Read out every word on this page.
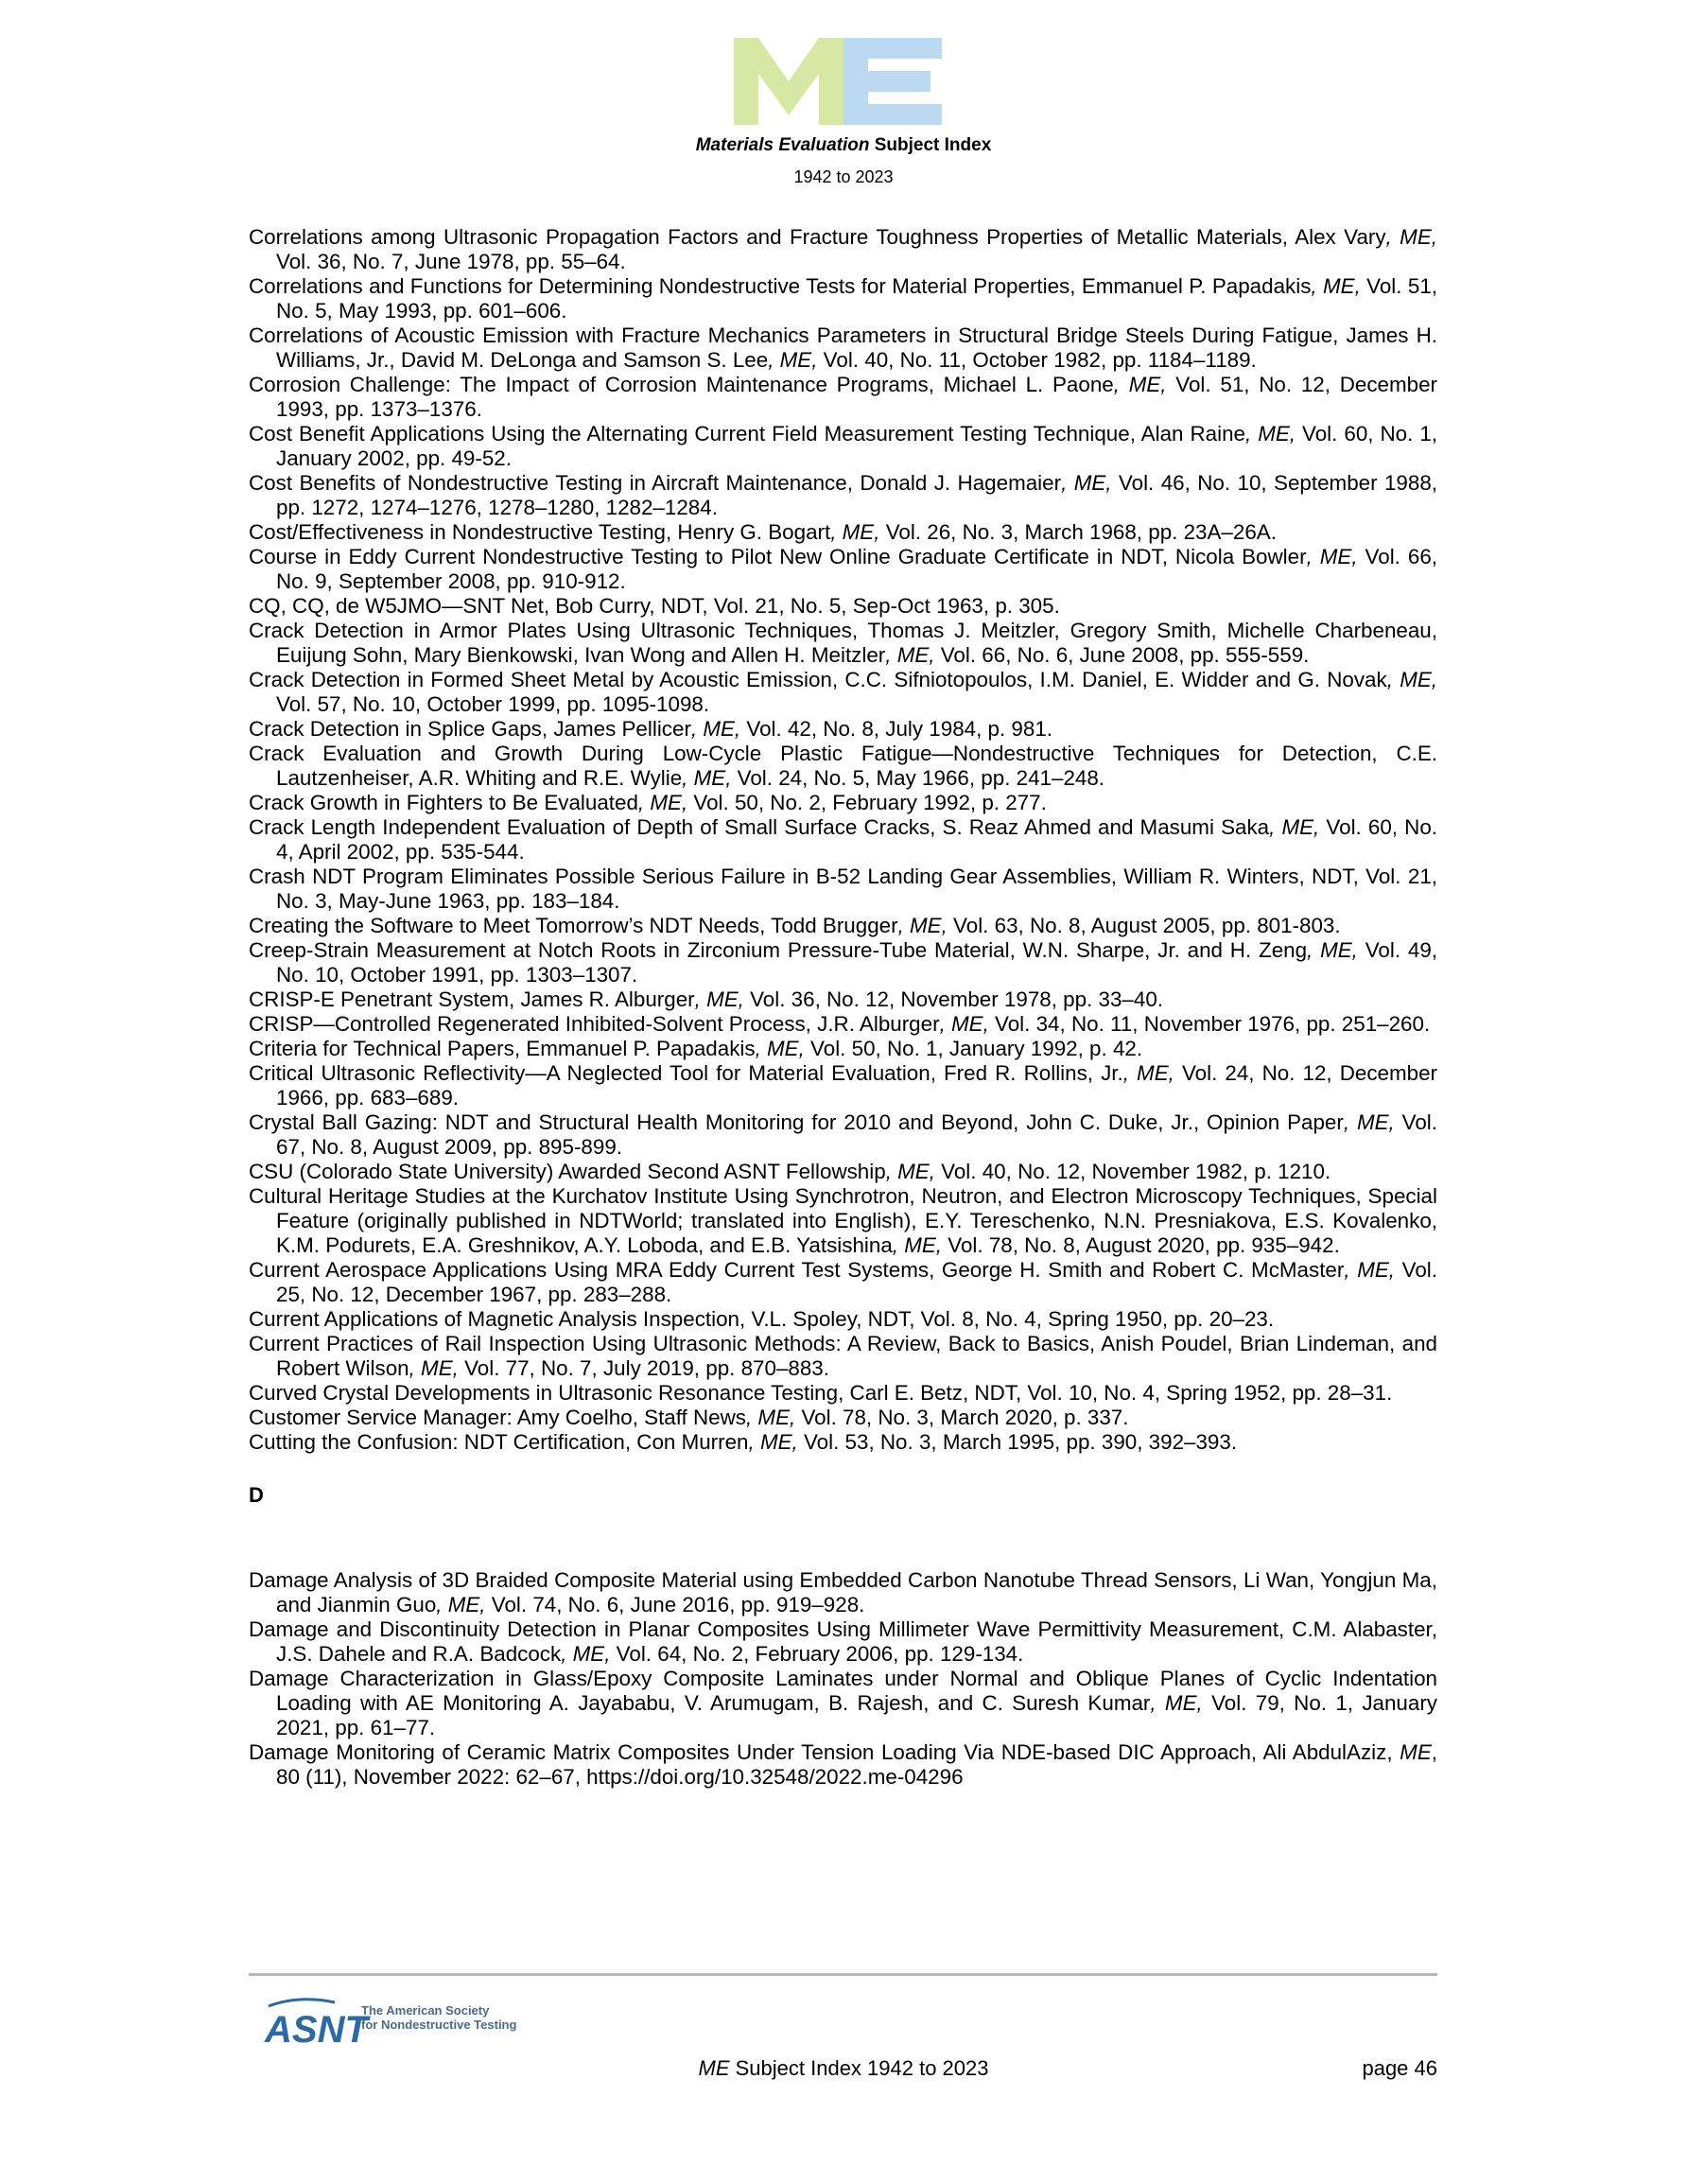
Materials Evaluation Subject Index
1942 to 2023

Correlations among Ultrasonic Propagation Factors and Fracture Toughness Properties of Metallic Materials, Alex Vary, ME, Vol. 36, No. 7, June 1978, pp. 55–64.

Correlations and Functions for Determining Nondestructive Tests for Material Properties, Emmanuel P. Papadakis, ME, Vol. 51, No. 5, May 1993, pp. 601–606.

Correlations of Acoustic Emission with Fracture Mechanics Parameters in Structural Bridge Steels During Fatigue, James H. Williams, Jr., David M. DeLonga and Samson S. Lee, ME, Vol. 40, No. 11, October 1982, pp. 1184–1189.

Corrosion Challenge: The Impact of Corrosion Maintenance Programs, Michael L. Paone, ME, Vol. 51, No. 12, December 1993, pp. 1373–1376.

Cost Benefit Applications Using the Alternating Current Field Measurement Testing Technique, Alan Raine, ME, Vol. 60, No. 1, January 2002, pp. 49-52.

Cost Benefits of Nondestructive Testing in Aircraft Maintenance, Donald J. Hagemaier, ME, Vol. 46, No. 10, September 1988, pp. 1272, 1274–1276, 1278–1280, 1282–1284.

Cost/Effectiveness in Nondestructive Testing, Henry G. Bogart, ME, Vol. 26, No. 3, March 1968, pp. 23A–26A.

Course in Eddy Current Nondestructive Testing to Pilot New Online Graduate Certificate in NDT, Nicola Bowler, ME, Vol. 66, No. 9, September 2008, pp. 910-912.

CQ, CQ, de W5JMO—SNT Net, Bob Curry, NDT, Vol. 21, No. 5, Sep-Oct 1963, p. 305.

Crack Detection in Armor Plates Using Ultrasonic Techniques, Thomas J. Meitzler, Gregory Smith, Michelle Charbeneau, Euijung Sohn, Mary Bienkowski, Ivan Wong and Allen H. Meitzler, ME, Vol. 66, No. 6, June 2008, pp. 555-559.

Crack Detection in Formed Sheet Metal by Acoustic Emission, C.C. Sifniotopoulos, I.M. Daniel, E. Widder and G. Novak, ME, Vol. 57, No. 10, October 1999, pp. 1095-1098.

Crack Detection in Splice Gaps, James Pellicer, ME, Vol. 42, No. 8, July 1984, p. 981.

Crack Evaluation and Growth During Low-Cycle Plastic Fatigue—Nondestructive Techniques for Detection, C.E. Lautzenheiser, A.R. Whiting and R.E. Wylie, ME, Vol. 24, No. 5, May 1966, pp. 241–248.

Crack Growth in Fighters to Be Evaluated, ME, Vol. 50, No. 2, February 1992, p. 277.

Crack Length Independent Evaluation of Depth of Small Surface Cracks, S. Reaz Ahmed and Masumi Saka, ME, Vol. 60, No. 4, April 2002, pp. 535-544.

Crash NDT Program Eliminates Possible Serious Failure in B-52 Landing Gear Assemblies, William R. Winters, NDT, Vol. 21, No. 3, May-June 1963, pp. 183–184.

Creating the Software to Meet Tomorrow’s NDT Needs, Todd Brugger, ME, Vol. 63, No. 8, August 2005, pp. 801-803.

Creep-Strain Measurement at Notch Roots in Zirconium Pressure-Tube Material, W.N. Sharpe, Jr. and H. Zeng, ME, Vol. 49, No. 10, October 1991, pp. 1303–1307.

CRISP-E Penetrant System, James R. Alburger, ME, Vol. 36, No. 12, November 1978, pp. 33–40.

CRISP—Controlled Regenerated Inhibited-Solvent Process, J.R. Alburger, ME, Vol. 34, No. 11, November 1976, pp. 251–260.

Criteria for Technical Papers, Emmanuel P. Papadakis, ME, Vol. 50, No. 1, January 1992, p. 42.

Critical Ultrasonic Reflectivity—A Neglected Tool for Material Evaluation, Fred R. Rollins, Jr., ME, Vol. 24, No. 12, December 1966, pp. 683–689.

Crystal Ball Gazing: NDT and Structural Health Monitoring for 2010 and Beyond, John C. Duke, Jr., Opinion Paper, ME, Vol. 67, No. 8, August 2009, pp. 895-899.

CSU (Colorado State University) Awarded Second ASNT Fellowship, ME, Vol. 40, No. 12, November 1982, p. 1210.

Cultural Heritage Studies at the Kurchatov Institute Using Synchrotron, Neutron, and Electron Microscopy Techniques, Special Feature (originally published in NDTWorld; translated into English), E.Y. Tereschenko, N.N. Presniakova, E.S. Kovalenko, K.M. Podurets, E.A. Greshnikov, A.Y. Loboda, and E.B. Yatsishina, ME, Vol. 78, No. 8, August 2020, pp. 935–942.

Current Aerospace Applications Using MRA Eddy Current Test Systems, George H. Smith and Robert C. McMaster, ME, Vol. 25, No. 12, December 1967, pp. 283–288.

Current Applications of Magnetic Analysis Inspection, V.L. Spoley, NDT, Vol. 8, No. 4, Spring 1950, pp. 20–23.

Current Practices of Rail Inspection Using Ultrasonic Methods: A Review, Back to Basics, Anish Poudel, Brian Lindeman, and Robert Wilson, ME, Vol. 77, No. 7, July 2019, pp. 870–883.

Curved Crystal Developments in Ultrasonic Resonance Testing, Carl E. Betz, NDT, Vol. 10, No. 4, Spring 1952, pp. 28–31.

Customer Service Manager: Amy Coelho, Staff News, ME, Vol. 78, No. 3, March 2020, p. 337.

Cutting the Confusion: NDT Certification, Con Murren, ME, Vol. 53, No. 3, March 1995, pp. 390, 392–393.

D

Damage Analysis of 3D Braided Composite Material using Embedded Carbon Nanotube Thread Sensors, Li Wan, Yongjun Ma, and Jianmin Guo, ME, Vol. 74, No. 6, June 2016, pp. 919–928.

Damage and Discontinuity Detection in Planar Composites Using Millimeter Wave Permittivity Measurement, C.M. Alabaster, J.S. Dahele and R.A. Badcock, ME, Vol. 64, No. 2, February 2006, pp. 129-134.

Damage Characterization in Glass/Epoxy Composite Laminates under Normal and Oblique Planes of Cyclic Indentation Loading with AE Monitoring A. Jayababu, V. Arumugam, B. Rajesh, and C. Suresh Kumar, ME, Vol. 79, No. 1, January 2021, pp. 61–77.

Damage Monitoring of Ceramic Matrix Composites Under Tension Loading Via NDE-based DIC Approach, Ali AbdulAziz, ME, 80 (11), November 2022: 62–67, https://doi.org/10.32548/2022.me-04296

ASNT
The American Society
for Nondestructive Testing
ME Subject Index 1942 to 2023	page 46
